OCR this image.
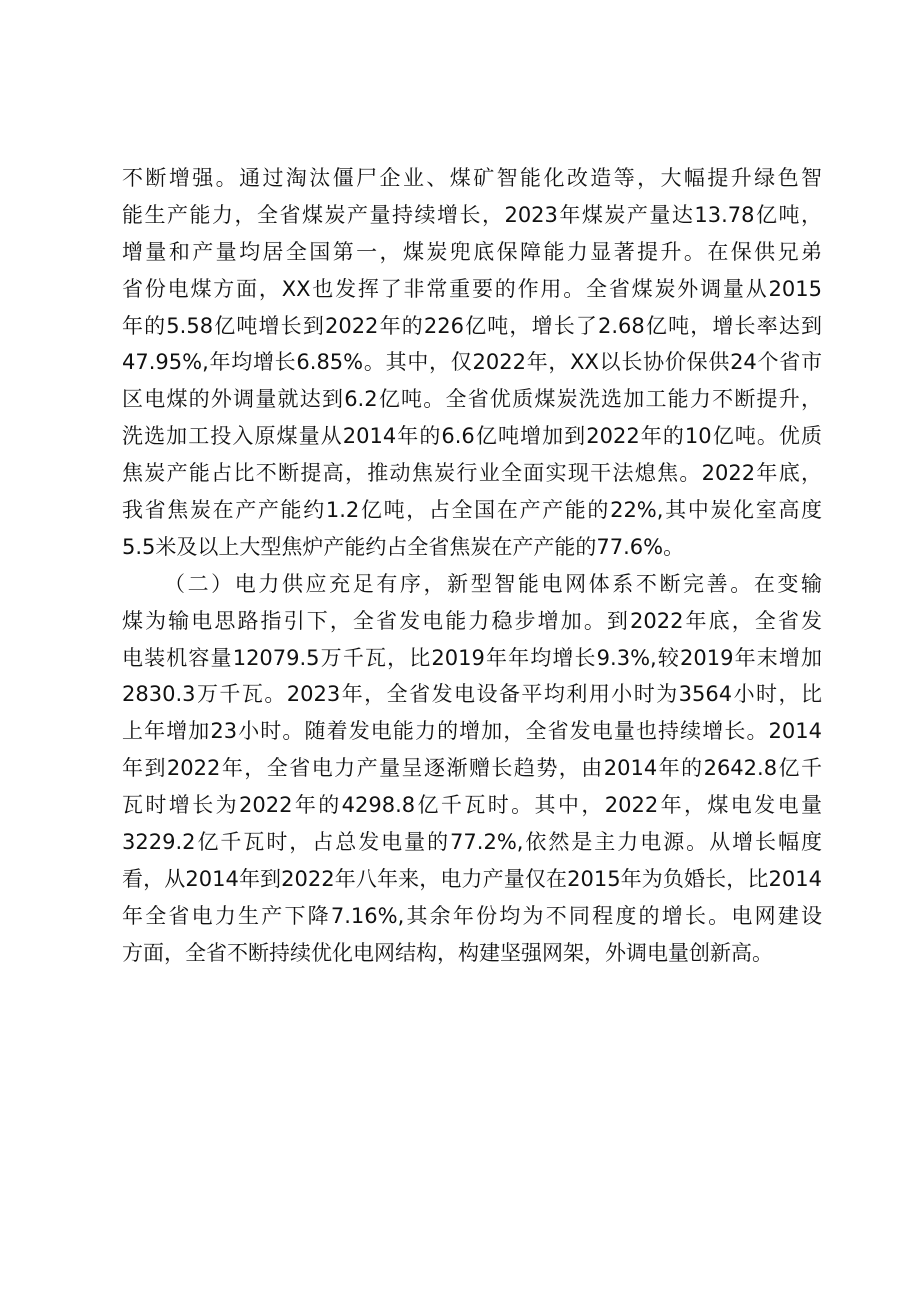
不断增强。通过淘汰僵尸企业、煤矿智能化改造等，大幅提升绿色智
能生产能力，全省煤炭产量持续增长，2023年煤炭产量达13.78亿吨，
增量和产量均居全国第一，煤炭兜底保障能力显著提升。在保供兄弟
省份电煤方面，XX也发挥了非常重要的作用。全省煤炭外调量从2015
年的5.58亿吨增长到2022年的226亿吨，增长了2.68亿吨，增长率达到
47.95%,年均增长6.85%。其中，仅2022年，XX以长协价保供24个省市
区电煤的外调量就达到6.2亿吨。全省优质煤炭洗选加工能力不断提升，
洗选加工投入原煤量从2014年的6.6亿吨增加到2022年的10亿吨。优质
焦炭产能占比不断提高，推动焦炭行业全面实现干法熄焦。2022年底，
我省焦炭在产产能约1.2亿吨，占全国在产产能的22%,其中炭化室高度
5.5米及以上大型焦炉产能约占全省焦炭在产产能的77.6%。
（二）电力供应充足有序，新型智能电网体系不断完善。在变输
煤为输电思路指引下，全省发电能力稳步增加。到2022年底，全省发
电装机容量12079.5万千瓦，比2019年年均增长9.3%,较2019年末增加
2830.3万千瓦。2023年，全省发电设备平均利用小时为3564小时，比
上年增加23小时。随着发电能力的增加，全省发电量也持续增长。2014
年到2022年，全省电力产量呈逐渐赠长趋势，由2014年的2642.8亿千
瓦时增长为2022年的4298.8亿千瓦时。其中，2022年，煤电发电量
3229.2亿千瓦时，占总发电量的77.2%,依然是主力电源。从增长幅度
看，从2014年到2022年八年来，电力产量仅在2015年为负婚长，比2014
年全省电力生产下降7.16%,其余年份均为不同程度的增长。电网建设
方面，全省不断持续优化电网结构，构建坚强网架，外调电量创新高。
